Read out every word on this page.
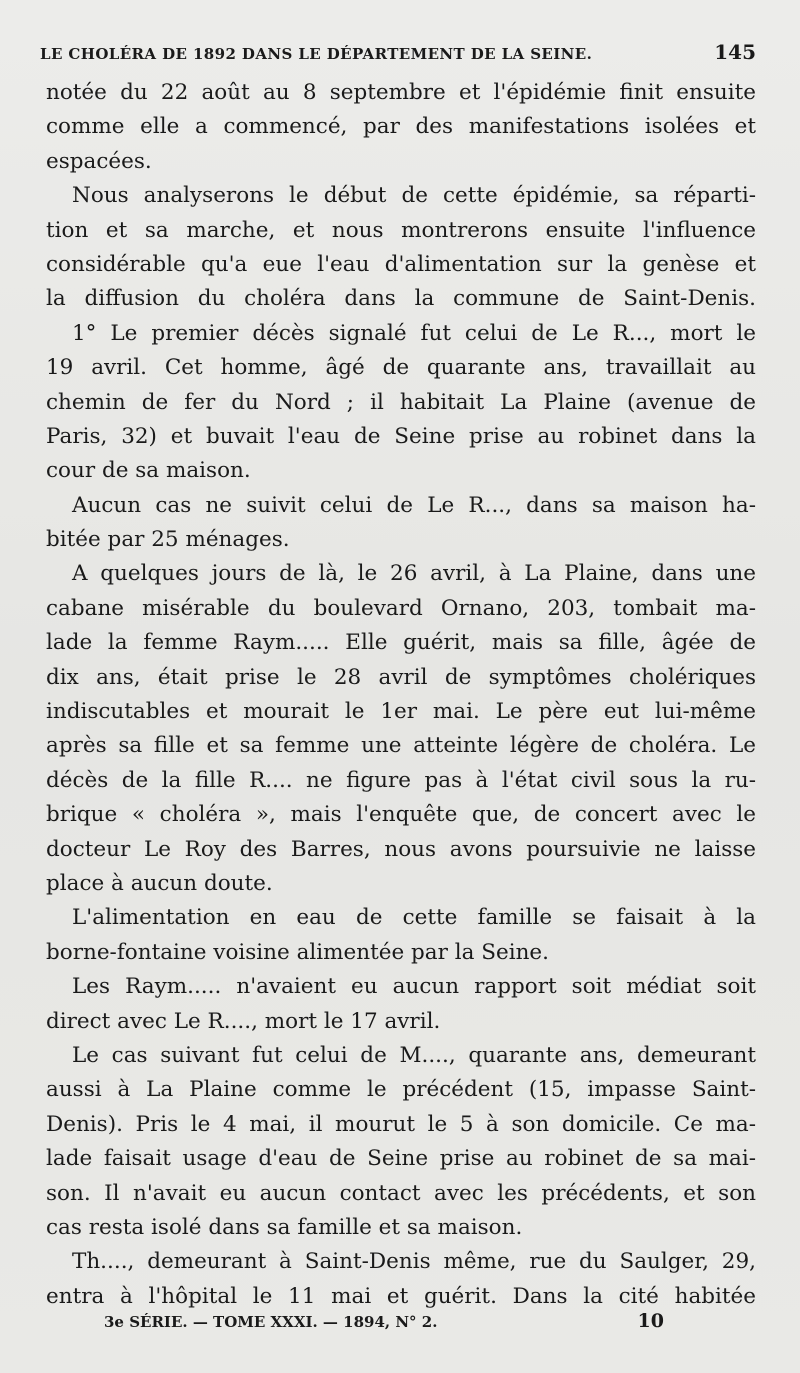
LE CHOLÉRA DE 1892 DANS LE DÉPARTEMENT DE LA SEINE.	145
notée du 22 août au 8 septembre et l'épidémie finit ensuite
comme elle a commencé, par des manifestations isolées et
espacées.
Nous analyserons le début de cette épidémie, sa réparti-
tion et sa marche, et nous montrerons ensuite l'influence
considérable qu'a eue l'eau d'alimentation sur la genèse et
la diffusion du choléra dans la commune de Saint-Denis.
1° Le premier décès signalé fut celui de Le R..., mort le
19 avril. Cet homme, âgé de quarante ans, travaillait au
chemin de fer du Nord ; il habitait La Plaine (avenue de
Paris, 32) et buvait l'eau de Seine prise au robinet dans la
cour de sa maison.
Aucun cas ne suivit celui de Le R..., dans sa maison ha-
bitée par 25 ménages.
A quelques jours de là, le 26 avril, à La Plaine, dans une
cabane misérable du boulevard Ornano, 203, tombait ma-
lade la femme Raym..... Elle guérit, mais sa fille, âgée de
dix ans, était prise le 28 avril de symptômes cholériques
indiscutables et mourait le 1er mai. Le père eut lui-même
après sa fille et sa femme une atteinte légère de choléra. Le
décès de la fille R.... ne figure pas à l'état civil sous la ru-
brique « choléra », mais l'enquête que, de concert avec le
docteur Le Roy des Barres, nous avons poursuivie ne laisse
place à aucun doute.
L'alimentation en eau de cette famille se faisait à la
borne-fontaine voisine alimentée par la Seine.
Les Raym..... n'avaient eu aucun rapport soit médiat soit
direct avec Le R...., mort le 17 avril.
Le cas suivant fut celui de M...., quarante ans, demeurant
aussi à La Plaine comme le précédent (15, impasse Saint-
Denis). Pris le 4 mai, il mourut le 5 à son domicile. Ce ma-
lade faisait usage d'eau de Seine prise au robinet de sa mai-
son. Il n'avait eu aucun contact avec les précédents, et son
cas resta isolé dans sa famille et sa maison.
Th...., demeurant à Saint-Denis même, rue du Saulger, 29,
entra à l'hôpital le 11 mai et guérit. Dans la cité habitée
3e SÉRIE. — TOME XXXI. — 1894, N° 2.	10
